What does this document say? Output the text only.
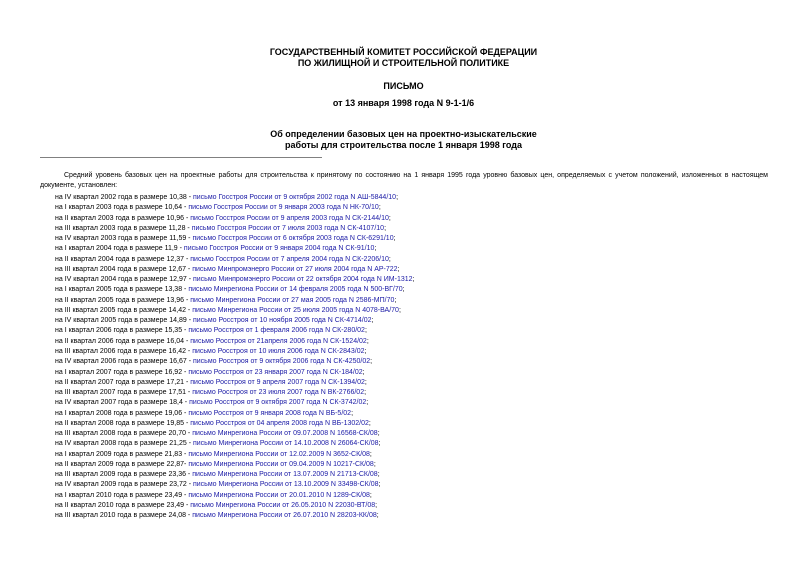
ГОСУДАРСТВЕННЫЙ КОМИТЕТ РОССИЙСКОЙ ФЕДЕРАЦИИ
ПО ЖИЛИЩНОЙ И СТРОИТЕЛЬНОЙ ПОЛИТИКЕ
ПИСЬМО
от 13 января 1998 года N 9-1-1/6
Об определении базовых цен на проектно-изыскательские
работы для строительства после 1 января 1998 года
Средний уровень базовых цен на проектные работы для строительства к принятому по состоянию на 1 января 1995 года уровню базовых цен, определяемых с учетом положений, изложенных в настоящем документе, установлен:
на IV квартал 2002 года в размере 10,38 - письмо Госстроя России от 9 октября 2002 года N АШ-5844/10;
на I квартал 2003 года в размере 10,64 - письмо Госстроя России от 9 января 2003 года N НК-70/10;
на II квартал 2003 года в размере 10,96 - письмо Госстроя России от 9 апреля 2003 года N СК-2144/10;
на III квартал 2003 года в размере 11,28 - письмо Госстроя России от 7 июля 2003 года N СК-4107/10;
на IV квартал 2003 года в размере 11,59 - письмо Госстроя России от 6 октября 2003 года N СК-6291/10;
на I квартал 2004 года в размере 11,9 - письмо Госстроя России от 9 января 2004 года N СК-91/10;
на II квартал 2004 года в размере 12,37 - письмо Госстроя России от 7 апреля 2004 года N СК-2206/10;
на III квартал 2004 года в размере 12,67 - письмо Минпромэнерго России от 27 июля 2004 года N АР-722;
на IV квартал 2004 года в размере 12,97 - письмо Минпромэнерго России от 22 октября 2004 года N ИМ-1312;
на I квартал 2005 года в размере 13,38 - письмо Минрегиона России от 14 февраля 2005 года N 500-ВГ/70;
на II квартал 2005 года в размере 13,96 - письмо Минрегиона России от 27 мая 2005 года N 2586-МП/70;
на III квартал 2005 года в размере 14,42 - письмо Минрегиона России от 25 июля 2005 года N 4078-ВА/70;
на IV квартал 2005 года в размере 14,89 - письмо Росстроя от 10 ноября 2005 года N СК-4714/02;
на I квартал 2006 года в размере 15,35 - письмо Росстроя от 1 февраля 2006 года N СК-280/02;
на II квартал 2006 года в размере 16,04 - письмо Росстроя от 21апреля 2006 года N СК-1524/02;
на III квартал 2006 года в размере 16,42 - письмо Росстроя от 10 июля 2006 года N СК-2843/02;
на IV квартал 2006 года в размере 16,67 - письмо Росстроя от 9 октября 2006 года N СК-4250/02;
на I квартал 2007 года в размере 16,92 - письмо Росстроя от 23 января 2007 года N СК-184/02;
на II квартал 2007 года в размере 17,21 - письмо Росстроя от 9 апреля 2007 года N СК-1394/02;
на III квартал 2007 года в размере 17,51 - письмо Росстроя от 23 июля 2007 года N ВК-2766/02;
на IV квартал 2007 года в размере 18,4 - письмо Росстроя от 9 октября 2007 года N СК-3742/02;
на I квартал 2008 года в размере 19,06 - письмо Росстроя от 9 января 2008 года N ВБ-5/02;
на II квартал 2008 года в размере 19,85 - письмо Росстроя от 04 апреля 2008 года N ВБ-1302/02;
на III квартал 2008 года в размере 20,70 - письмо Минрегиона России от 09.07.2008 N 16568-СК/08;
на IV квартал 2008 года в размере 21,25 - письмо Минрегиона России от 14.10.2008 N 26064-СК/08;
на I квартал 2009 года в размере 21,83 - письмо Минрегиона России от 12.02.2009 N 3652-СК/08;
на II квартал 2009 года в размере 22,87- письмо Минрегиона России от 09.04.2009 N 10217-СК/08;
на III квартал 2009 года в размере 23,36 - письмо Минрегиона России от 13.07.2009 N 21713-СК/08;
на IV квартал 2009 года в размере 23,72 - письмо Минрегиона России от 13.10.2009 N 33498-СК/08;
на I квартал 2010 года в размере 23,49 - письмо Минрегиона России от 20.01.2010 N 1289-СК/08;
на II квартал 2010 года в размере 23,49 - письмо Минрегиона России от 26.05.2010 N 22030-ВТ/08;
на III квартал 2010 года в размере 24,08 - письмо Минрегиона России от 26.07.2010 N 28203-КК/08;
